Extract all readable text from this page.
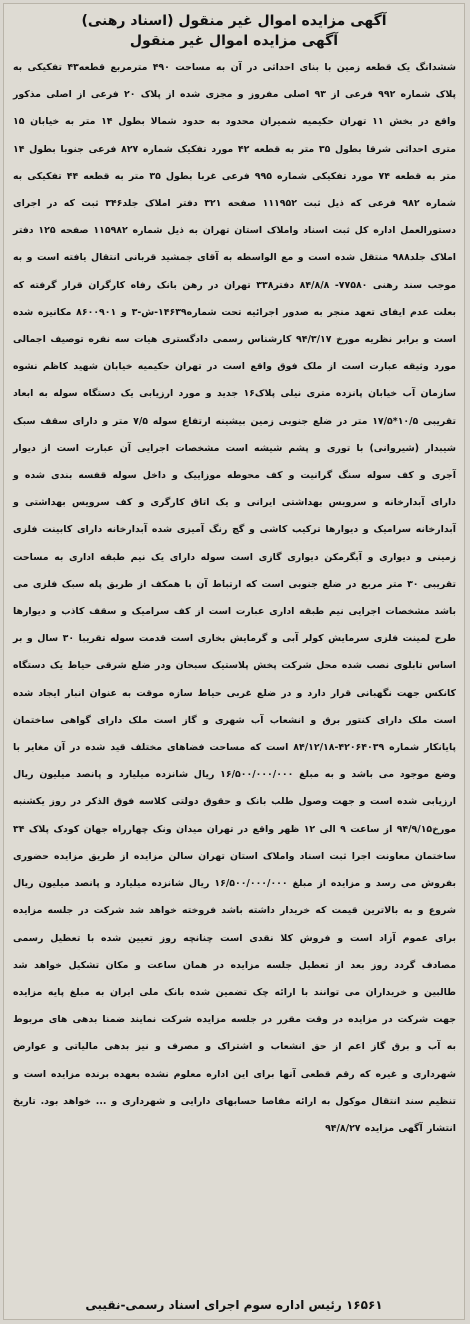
آگهی مزایده اموال غیر منقول (اسناد رهنی)
آگهی مزایده اموال غیر منقول
ششدانگ یک قطعه زمین با بنای احداثی در آن به مساحت ۴۹۰ مترمربع قطعه۴۳ تفکیکی به پلاک شماره ۹۹۲ فرعی از ۹۳ اصلی مفروز و مجزی شده از پلاک ۲۰ فرعی از اصلی مذکور واقع در بخش ۱۱ تهران حکیمیه شمیران محدود به حدود شمالا بطول ۱۴ متر به خیابان ۱۵ متری احداثی شرقا بطول ۳۵ متر به قطعه ۴۲ مورد تفکیک شماره ۸۲۷ فرعی جنوبا بطول ۱۴ متر به قطعه ۷۴ مورد تفکیکی شماره ۹۹۵ فرعی غربا بطول ۳۵ متر به قطعه ۴۴ تفکیکی به شماره ۹۸۲ فرعی که ذیل ثبت ۱۱۱۹۵۲ صفحه ۳۲۱ دفتر املاک جلد۳۴۶ ثبت که در اجرای دستورالعمل اداره کل ثبت اسناد واملاک استان تهران به ذیل شماره ۱۱۵۹۸۲ صفحه ۱۲۵ دفتر املاک جلد۹۸۸ منتقل شده است و مع الواسطه به آقای جمشید قربانی انتقال یافته است و به موجب سند رهنی ۷۷۵۸۰- ۸۴/۸/۸ دفتر۳۳۸ تهران در رهن بانک رفاه کارگران قرار گرفته که بعلت عدم ایفای تعهد منجر به صدور اجرائیه تحت شماره۱۴۶۳۹-ش-۳ و ۸۶۰۰۹۰۱ مکانیزه شده است و برابر نظریه مورخ ۹۴/۳/۱۷ کارشناس رسمی دادگستری هیات سه نفره توصیف اجمالی مورد وثیقه عبارت است از ملک فوق واقع است در تهران حکیمیه خیابان شهید کاظم نشوه سازمان آب خیابان پانزده متری نیلی پلاک۱۶ جدید و مورد ارزیابی یک دستگاه سوله به ابعاد تقریبی ۱۰/۵*۱۷/۵ متر در ضلع جنوبی زمین بیشینه ارتفاع سوله ۷/۵ متر و دارای سقف سبک شیبدار (شیروانی) با توری و پشم شیشه است مشخصات اجرایی آن عبارت است از دیوار آجری و کف سوله سنگ گرانیت و کف محوطه موزاییک و داخل سوله قفسه بندی شده و دارای آبدارخانه و سرویس بهداشتی ایرانی و یک اتاق کارگری و کف سرویس بهداشتی و آبدارخانه سرامیک و دیوارها ترکیب کاشی و گچ رنگ آمیزی شده آبدارخانه دارای کابینت فلزی زمینی و دیواری و آبگرمکن دیواری گازی است سوله دارای یک نیم طبقه اداری به مساحت تقریبی ۳۰ متر مربع در ضلع جنوبی است که ارتباط آن با همکف از طریق پله سبک فلزی می باشد مشخصات اجرایی نیم طبقه اداری عبارت است از کف سرامیک و سقف کاذب و دیوارها طرح لمینت فلزی سرمایش کولر آبی و گرمایش بخاری است قدمت سوله تقریبا ۳۰ سال و بر اساس تابلوی نصب شده محل شرکت پخش پلاستیک سبحان ودر ضلع شرقی حیاط یک دستگاه کانکس جهت نگهبانی قرار دارد و در ضلع غربی حیاط سازه موقت به عنوان انبار ایجاد شده است ملک دارای کنتور برق و انشعاب آب شهری و گاز است ملک دارای گواهی ساختمان پایانکار شماره ۴۲۰۶۴۰۳۹-۸۴/۱۲/۱۸ است که مساحت فضاهای مختلف قید شده در آن مغایر با وضع موجود می باشد و به مبلغ ۱۶/۵۰۰/۰۰۰/۰۰۰ ریال شانزده میلیارد و پانصد میلیون ریال ارزیابی شده است و جهت وصول طلب بانک و حقوق دولتی کلاسه فوق الذکر در روز یکشنبه مورخ۹۴/۹/۱۵ از ساعت ۹ الی ۱۲ ظهر واقع در تهران میدان ونک چهارراه جهان کودک پلاک ۳۴ ساختمان معاونت اجرا ثبت اسناد واملاک استان تهران سالن مزایده از طریق مزایده حضوری بفروش می رسد و مزایده از مبلغ ۱۶/۵۰۰/۰۰۰/۰۰۰ ریال شانزده میلیارد و پانصد میلیون ریال شروع و به بالاترین قیمت که خریدار داشته باشد فروخته خواهد شد شرکت در جلسه مزایده برای عموم آزاد است و فروش کلا نقدی است چنانچه روز تعیین شده با تعطیل رسمی مصادف گردد روز بعد از تعطیل جلسه مزایده در همان ساعت و مکان تشکیل خواهد شد طالبین و خریداران می توانند با ارائه چک تضمین شده بانک ملی ایران به مبلغ پایه مزایده جهت شرکت در مزایده در وقت مقرر در جلسه مزایده شرکت نمایند ضمنا بدهی های مربوط به آب و برق گاز اعم از حق انشعاب و اشتراک و مصرف و نیز بدهی مالیاتی و عوارض شهرداری و غیره که رقم قطعی آنها برای این اداره معلوم نشده بعهده برنده مزایده است و تنظیم سند انتقال موکول به ارائه مفاصا حسابهای دارایی و شهرداری و ... خواهد بود. تاریخ انتشار آگهی مزایده ۹۴/۸/۲۷
۱۶۵۶۱ رئیس اداره سوم اجرای اسناد رسمی-نقیبی
